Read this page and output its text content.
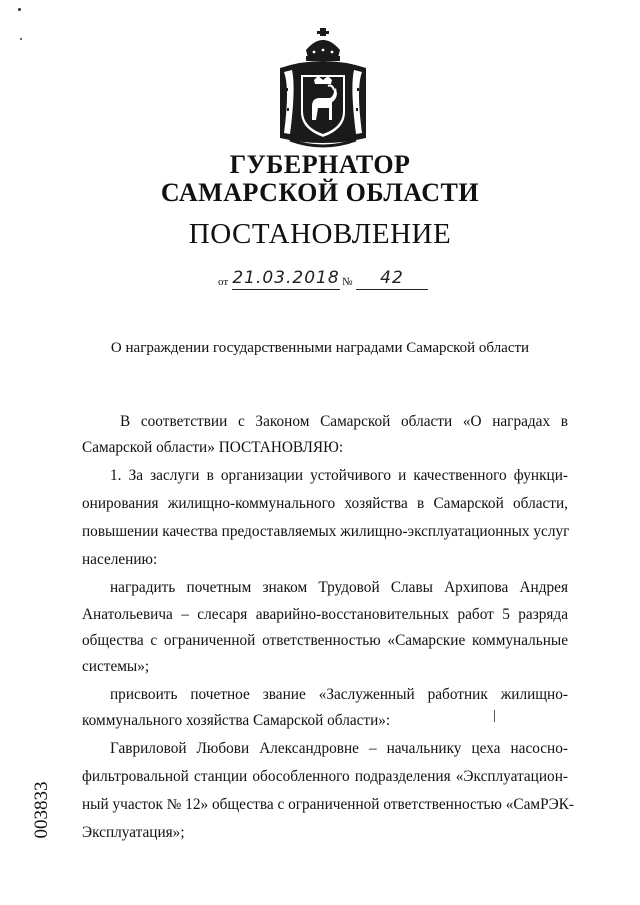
ГУБЕРНАТОР
САМАРСКОЙ ОБЛАСТИ
ПОСТАНОВЛЕНИЕ
от 21.03.2018 №	42
О награждении государственными наградами Самарской области
В соответствии с Законом Самарской области «О наградах в
Самарской области» ПОСТАНОВЛЯЮ:
1. За заслуги в организации устойчивого и качественного функци-
онирования жилищно-коммунального хозяйства в Самарской области,
повышении качества предоставляемых жилищно-эксплуатационных услуг
населению:
наградить почетным знаком Трудовой Славы Архипова Андрея
Анатольевича – слесаря аварийно-восстановительных работ 5 разряда
общества с ограниченной ответственностью «Самарские коммунальные
системы»;
присвоить почетное звание «Заслуженный работник жилищно-
коммунального хозяйства Самарской области»:
Гавриловой Любови Александровне – начальнику цеха насосно-
фильтровальной станции обособленного подразделения «Эксплуатацион-
ный участок № 12» общества с ограниченной ответственностью «СамРЭК-
Эксплуатация»;
003833
